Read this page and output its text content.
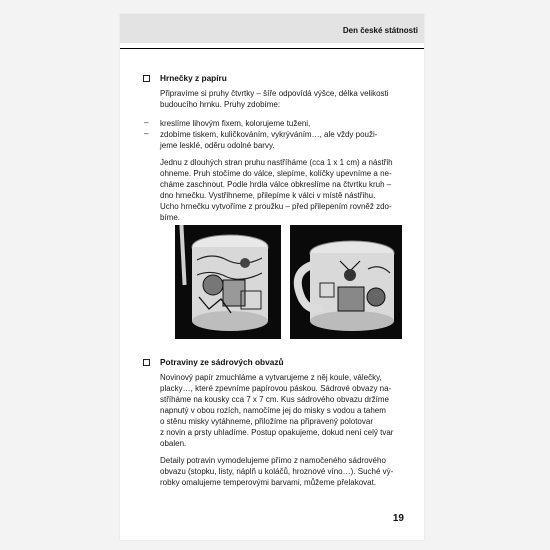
Den české státnosti
Hrnečky z papíru
Připravíme si pruhy čtvrtky – šíře odpovídá výšce, délka velikosti
budoucího hrnku. Pruhy zdobíme:
– kreslíme lihovým fixem, kolorujeme tuženi,
– zdobíme tiskem, kuličkováním, vykrýváním…, ale vždy použi-
jeme lesklé, oděru odolné barvy.
Jednu z dlouhých stran pruhu nastříháme (cca 1 x 1 cm) a nástřih
ohneme. Pruh stočíme do válce, slepíme, kolíčky upevníme a ne-
cháme zaschnout. Podle hrdla válce obkreslíme na čtvrtku kruh –
dno hrnečku. Vystřihneme, přilepíme k válci v místě nástřihu.
Ucho hrnečku vytvoříme z proužku – před přilepením rovněž zdo-
bíme.
Potraviny ze sádrových obvazů
Novinový papír zmuchláme a vytvarujeme z něj koule, válečky,
placky…, které zpevníme papírovou páskou. Sádrové obvazy na-
stříháme na kousky cca 7 x 7 cm. Kus sádrového obvazu držíme
napnutý v obou rozích, namočíme jej do misky s vodou a tahem
o stěnu misky vytáhneme, přiložíme na připravený polotovar
z novin a prsty uhladíme. Postup opakujeme, dokud není celý tvar
obalen.
Detaily potravin vymodelujeme přímo z namočeného sádrového
obvazu (stopku, listy, náplň u koláčů, hroznové víno…). Suché vý-
robky omalujeme temperovými barvami, můžeme přelakovat.
19
